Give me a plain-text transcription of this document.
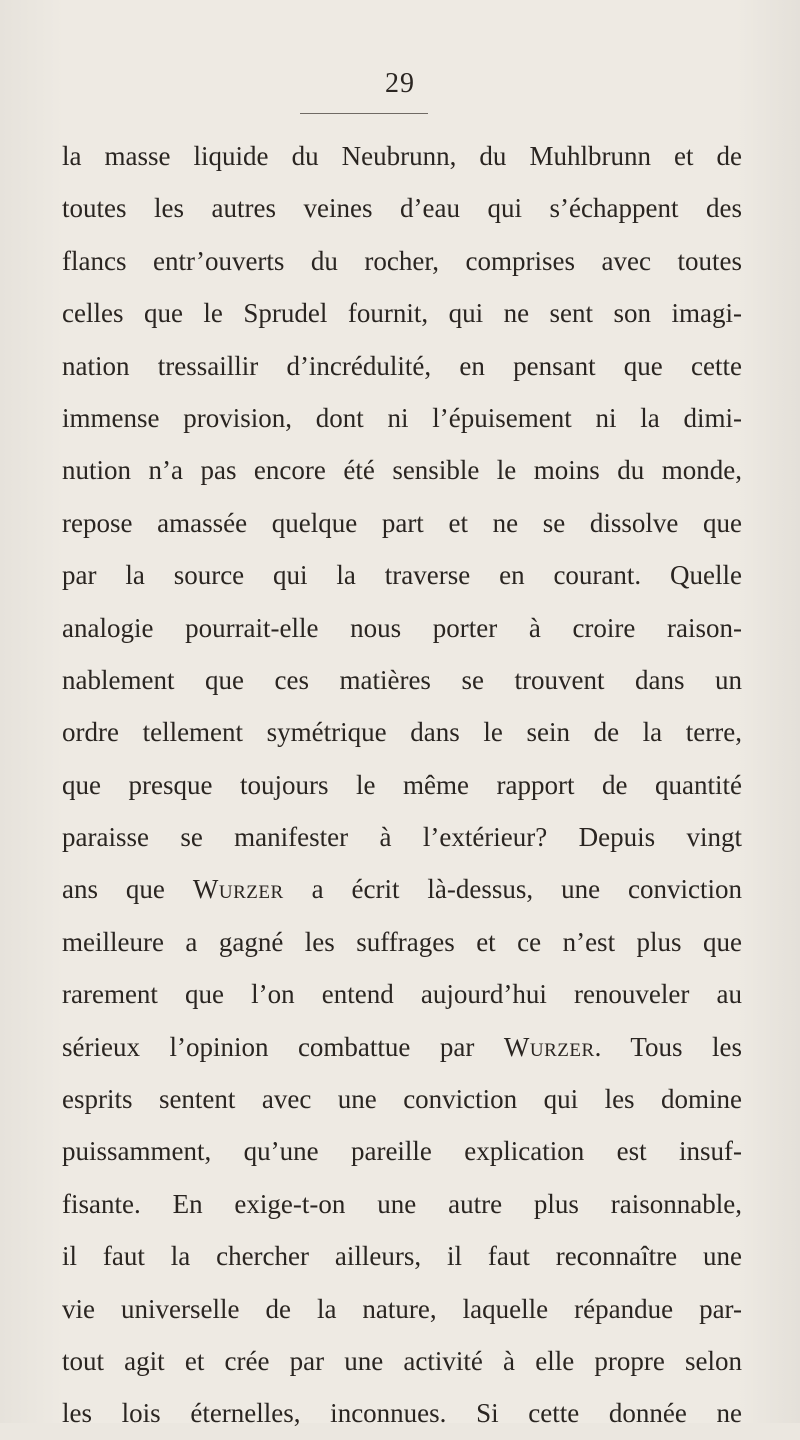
29
la masse liquide du Neubrunn, du Muhlbrunn et de
toutes les autres veines d’eau qui s’échappent des
flancs entr’ouverts du rocher, comprises avec toutes
celles que le Sprudel fournit, qui ne sent son imagi-
nation tressaillir d’incrédulité, en pensant que cette
immense provision, dont ni l’épuisement ni la dimi-
nution n’a pas encore été sensible le moins du monde,
repose amassée quelque part et ne se dissolve que
par la source qui la traverse en courant. Quelle
analogie pourrait-elle nous porter à croire raison-
nablement que ces matières se trouvent dans un
ordre tellement symétrique dans le sein de la terre,
que presque toujours le même rapport de quantité
paraisse se manifester à l’extérieur? Depuis vingt
ans que Wurzer a écrit là-dessus, une conviction
meilleure a gagné les suffrages et ce n’est plus que
rarement que l’on entend aujourd’hui renouveler au
sérieux l’opinion combattue par Wurzer. Tous les
esprits sentent avec une conviction qui les domine
puissamment, qu’une pareille explication est insuf-
fisante. En exige-t-on une autre plus raisonnable,
il faut la chercher ailleurs, il faut reconnaître une
vie universelle de la nature, laquelle répandue par-
tout agit et crée par une activité à elle propre selon
les lois éternelles, inconnues. Si cette donnée ne
